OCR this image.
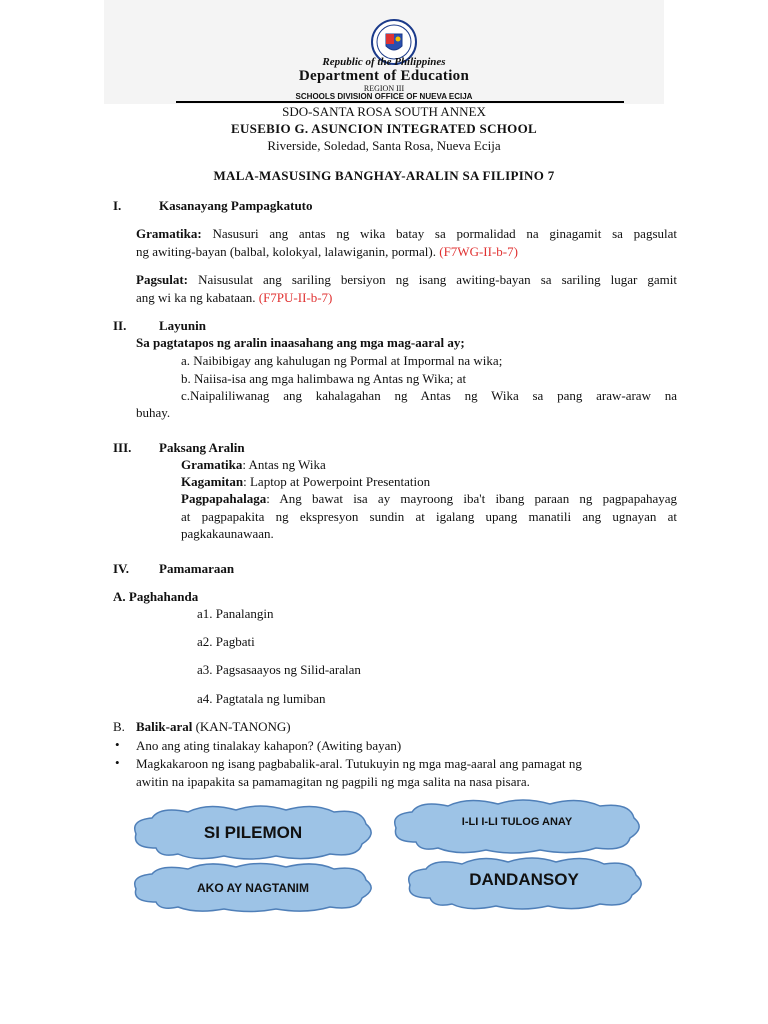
Republic of the Philippines
Department of Education
REGION III
SCHOOLS DIVISION OFFICE OF NUEVA ECIJA
SDO-SANTA ROSA SOUTH ANNEX
EUSEBIO G. ASUNCION INTEGRATED SCHOOL
Riverside, Soledad, Santa Rosa, Nueva Ecija
MALA-MASUSING BANGHAY-ARALIN SA FILIPINO 7
I.	Kasanayang Pampagkatuto
Gramatika: Nasusuri ang antas ng wika batay sa pormalidad na ginagamit sa pagsulat
ng awiting-bayan (balbal, kolokyal, lalawiganin, pormal). (F7WG-II-b-7)
Pagsulat: Naisusulat ang sariling bersiyon ng isang awiting-bayan sa sariling lugar gamit
ang wi ka ng kabataan. (F7PU-II-b-7)
II.	Layunin
Sa pagtatapos ng aralin inaasahang ang mga mag-aaral ay;
a. Naibibigay ang kahulugan ng Pormal at Impormal na wika;
b. Naiisa-isa ang mga halimbawa ng Antas ng Wika; at
c.Naipaliliwanag ang kahalagahan ng Antas ng Wika sa pang araw-araw na
buhay.
III. Paksang Aralin
Gramatika: Antas ng Wika
Kagamitan: Laptop at Powerpoint Presentation
Pagpapahalaga: Ang bawat isa ay mayroong iba't ibang paraan ng pagpapahayag
at pagpapakita ng ekspresyon sundin at igalang upang manatili ang ugnayan at
pagkakaunawaan.
IV. Pamamaraan
A. Paghahanda
a1. Panalangin
a2. Pagbati
a3. Pagsasaayos ng Silid-aralan
a4. Pagtatala ng lumiban
B. Balik-aral (KAN-TANONG)
• Ano ang ating tinalakay kahapon? (Awiting bayan)
• Magkakaroon ng isang pagbabalik-aral. Tutukuyin ng mga mag-aaral ang pamagat ng
awitin na ipapakita sa pamamagitan ng pagpili ng mga salita na nasa pisara.
SI PILEMON
I-LI I-LI TULOG ANAY
AKO AY NAGTANIM	DANDANSOY
